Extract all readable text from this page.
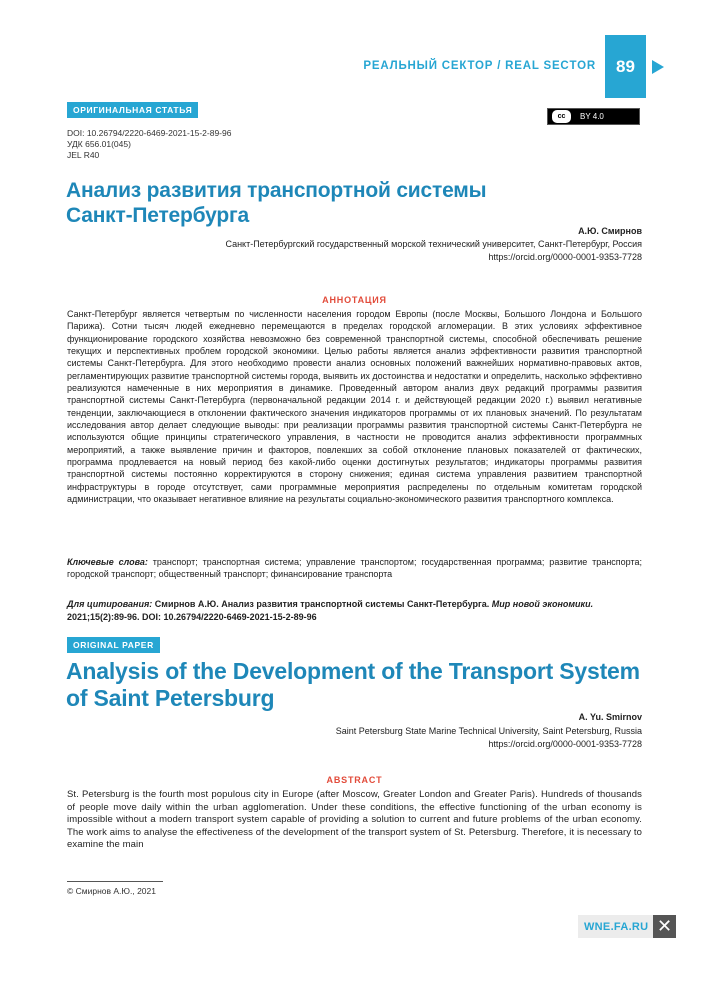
РЕАЛЬНЫЙ СЕКТОР / REAL SECTOR	89
ОРИГИНАЛЬНАЯ СТАТЬЯ
cc	BY 4.0
DOI: 10.26794/2220-6469-2021-15-2-89-96
УДК 656.01(045)
JEL R40
Анализ развития транспортной системы
Санкт-Петербурга
А.Ю. Смирнов
Санкт-Петербургский государственный морской технический университет, Санкт-Петербург, Россия
https://orcid.org/0000-0001-9353-7728
АННОТАЦИЯ

Санкт-Петербург является четвертым по численности населения городом Европы (после Москвы, Большого Лондона и Большого Парижа). Сотни тысяч людей ежедневно перемещаются в пределах городской агломерации. В этих условиях эффективное функционирование городского хозяйства невозможно без современной транспортной системы, способной обеспечивать решение текущих и перспективных проблем городской экономики. Целью работы является анализ эффективности развития транспортной системы Санкт-Петербурга. Для этого необходимо провести анализ основных положений важнейших нормативно-правовых актов, регламентирующих развитие транспортной системы города, выявить их достоинства и недостатки и определить, насколько эффективно реализуются намеченные в них мероприятия в динамике. Проведенный автором анализ двух редакций программы развития транспортной системы Санкт-Петербурга (первоначальной редакции 2014 г. и действующей редакции 2020 г.) выявил негативные тенденции, заключающиеся в отклонении фактического значения индикаторов программы от их плановых значений. По результатам исследования автор делает следующие выводы: при реализации программы развития транспортной системы Санкт-Петербурга не используются общие принципы стратегического управления, в частности не проводится анализ эффективности программных мероприятий, а также выявление причин и факторов, повлекших за собой отклонение плановых показателей от фактических, программа продлевается на новый период без какой-либо оценки достигнутых результатов; индикаторы программы развития транспортной системы постоянно корректируются в сторону снижения; единая система управления развитием транспортной инфраструктуры в городе отсутствует, сами программные мероприятия распределены по отдельным комитетам городской администрации, что оказывает негативное влияние на результаты социально-экономического развития транспортного комплекса.

Ключевые слова: транспорт; транспортная система; управление транспортом; государственная программа; развитие транспорта; городской транспорт; общественный транспорт; финансирование транспорта

Для цитирования: Смирнов А.Ю. Анализ развития транспортной системы Санкт-Петербурга. Мир новой экономики. 2021;15(2):89-96. DOI: 10.26794/2220-6469-2021-15-2-89-96
ORIGINAL PAPER
Analysis of the Development of the Transport System
of Saint Petersburg
A. Yu. Smirnov
Saint Petersburg State Marine Technical University, Saint Petersburg, Russia
https://orcid.org/0000-0001-9353-7728
ABSTRACT

St. Petersburg is the fourth most populous city in Europe (after Moscow, Greater London and Greater Paris). Hundreds of thousands of people move daily within the urban agglomeration. Under these conditions, the effective functioning of the urban economy is impossible without a modern transport system capable of providing a solution to current and future problems of the urban economy. The work aims to analyse the effectiveness of the development of the transport system of St. Petersburg. Therefore, it is necessary to examine the main

© Смирнов А.Ю., 2021
WNE.FA.RU ✕
